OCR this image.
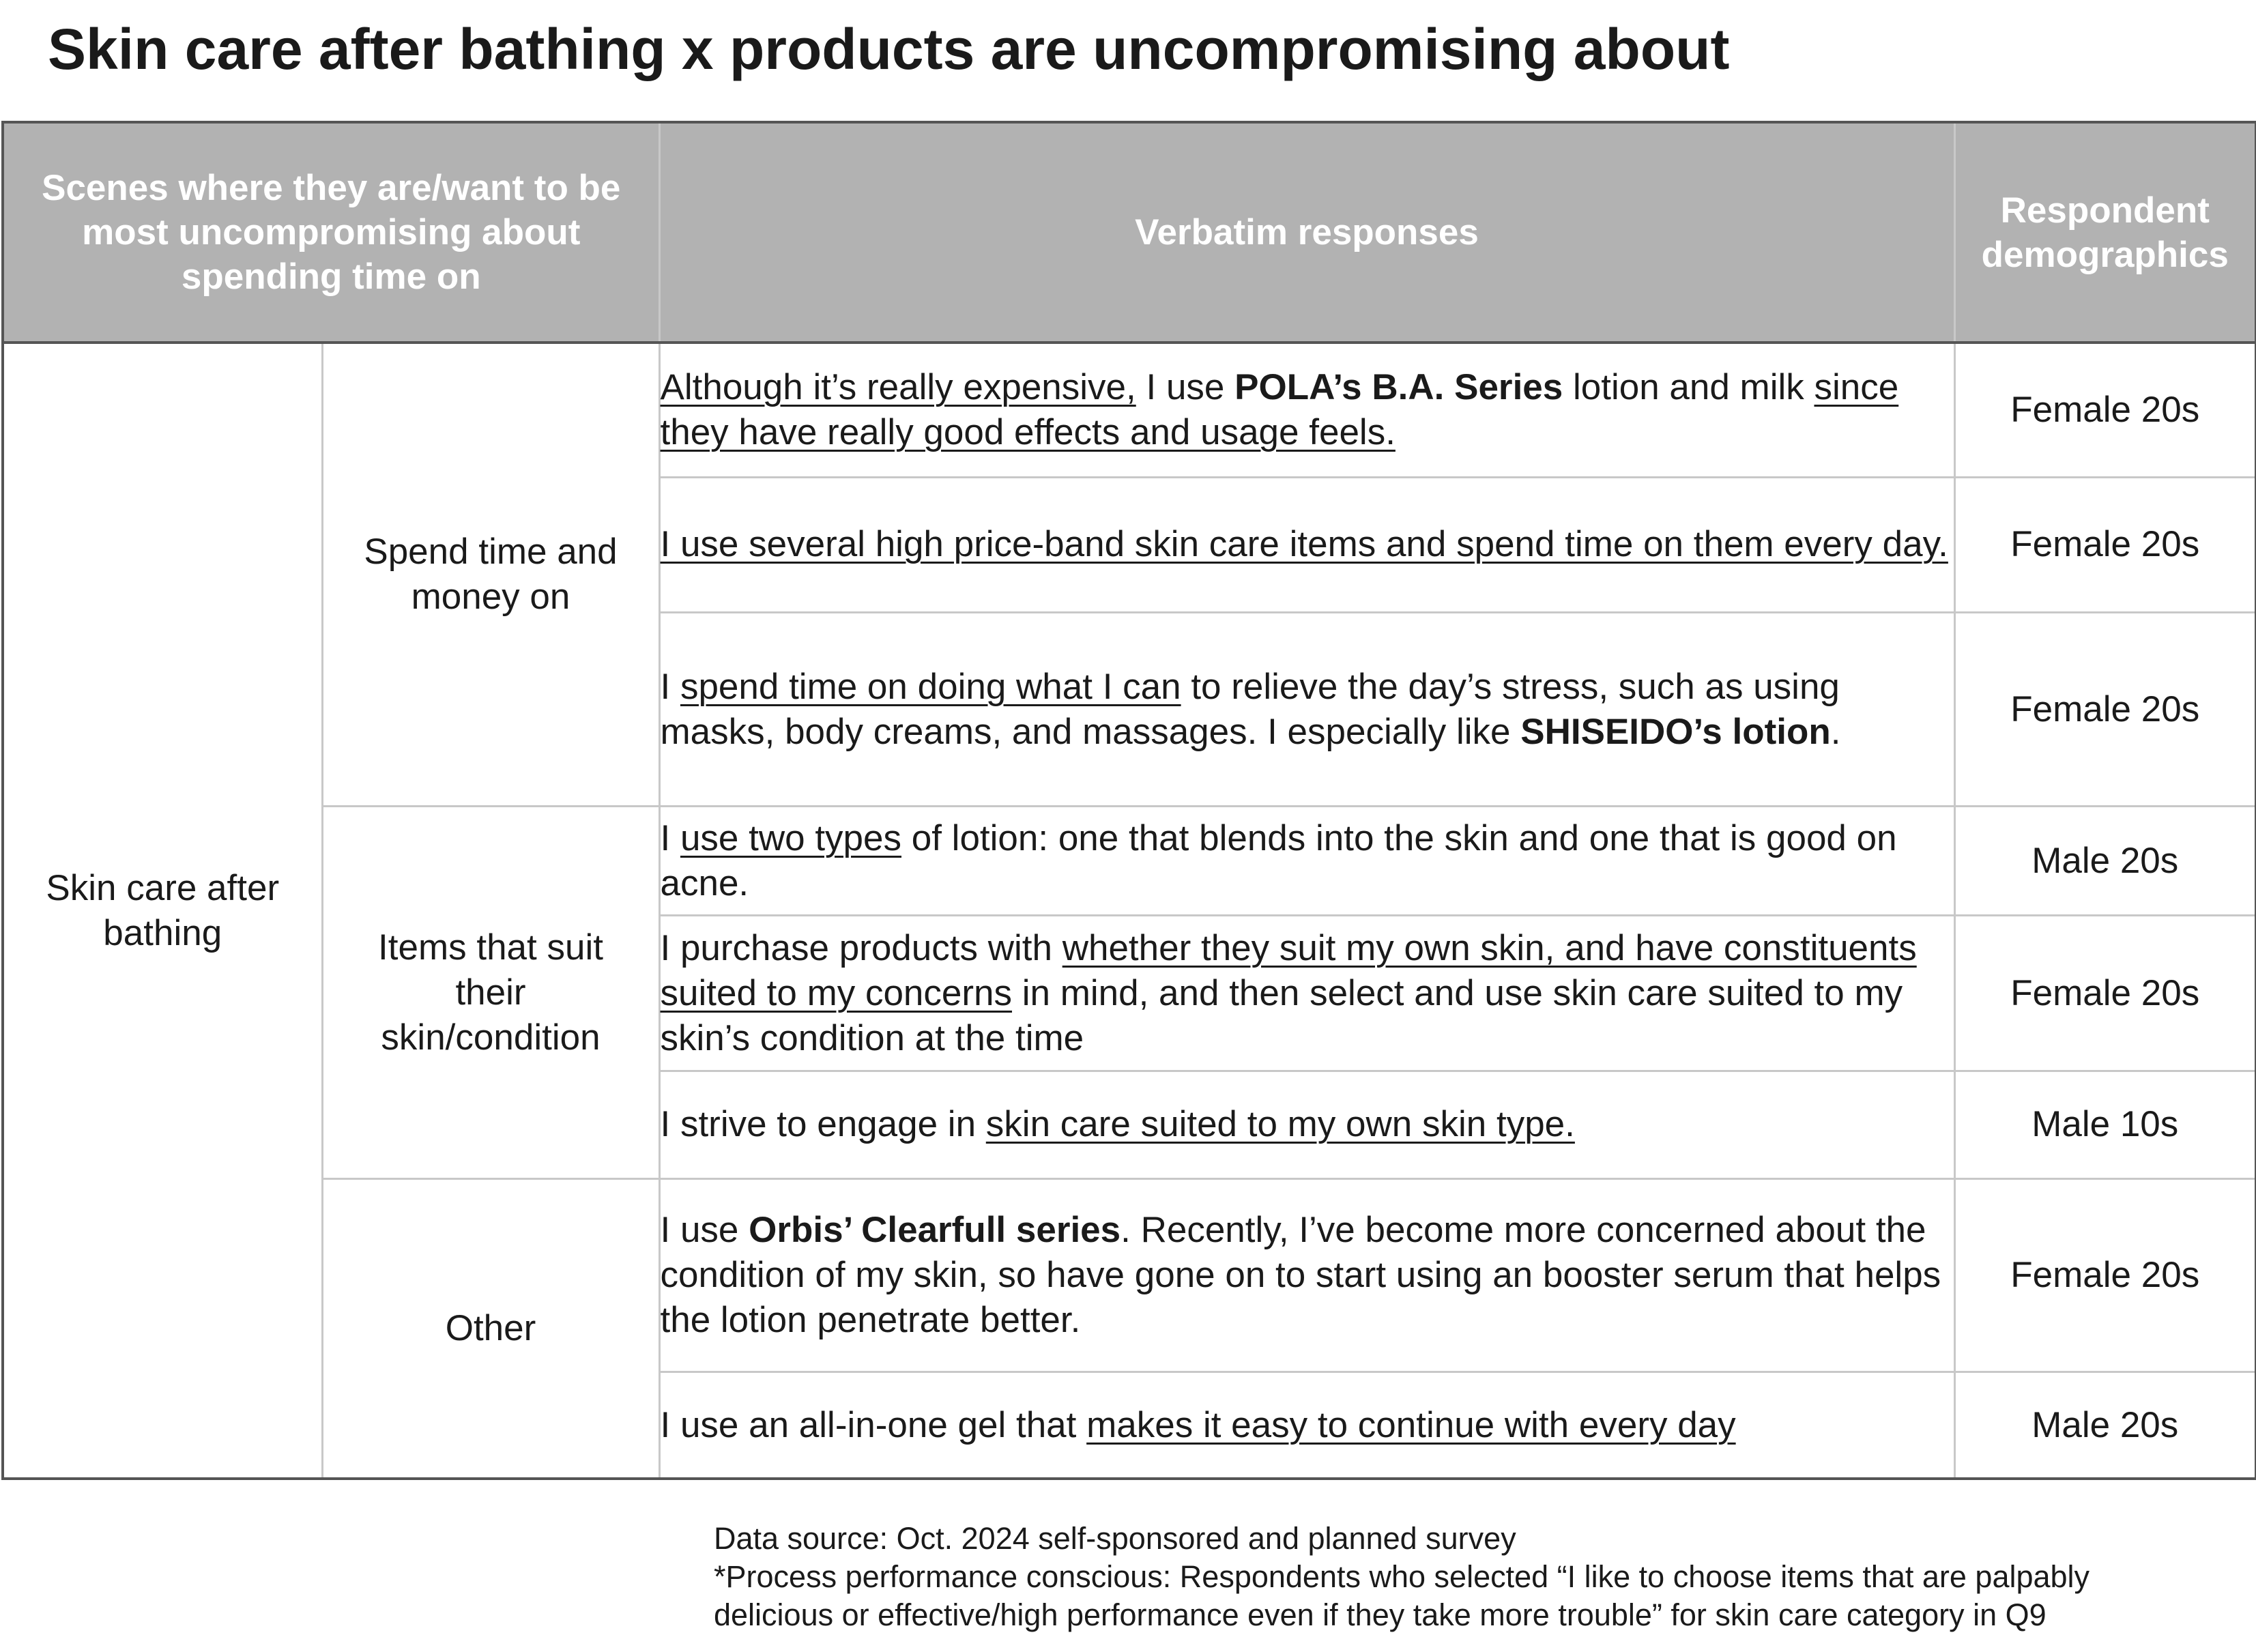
Skin care after bathing x products are uncompromising about
Scenes where they are/want to be most uncompromising about spending time on		Verbatim responses	Respondent demographics
Skin care after bathing	Spend time and money on	Although it’s really expensive, I use POLA’s B.A. Series lotion and milk since they have really good effects and usage feels.	Female 20s
		I use several high price-band skin care items and spend time on them every day.	Female 20s
		I spend time on doing what I can to relieve the day’s stress, such as using masks, body creams, and massages. I especially like SHISEIDO’s lotion.	Female 20s
	Items that suit their skin/condition	I use two types of lotion: one that blends into the skin and one that is good on acne.	Male 20s
		I purchase products with whether they suit my own skin, and have constituents suited to my concerns in mind, and then select and use skin care suited to my skin’s condition at the time	Female 20s
		I strive to engage in skin care suited to my own skin type.	Male 10s
	Other	I use Orbis’ Clearfull series. Recently, I’ve become more concerned about the condition of my skin, so have gone on to start using an booster serum that helps the lotion penetrate better.	Female 20s
		I use an all-in-one gel that makes it easy to continue with every day	Male 20s
Data source: Oct. 2024 self-sponsored and planned survey
*Process performance conscious: Respondents who selected “I like to choose items that are palpably delicious or effective/high performance even if they take more trouble” for skin care category in Q9
